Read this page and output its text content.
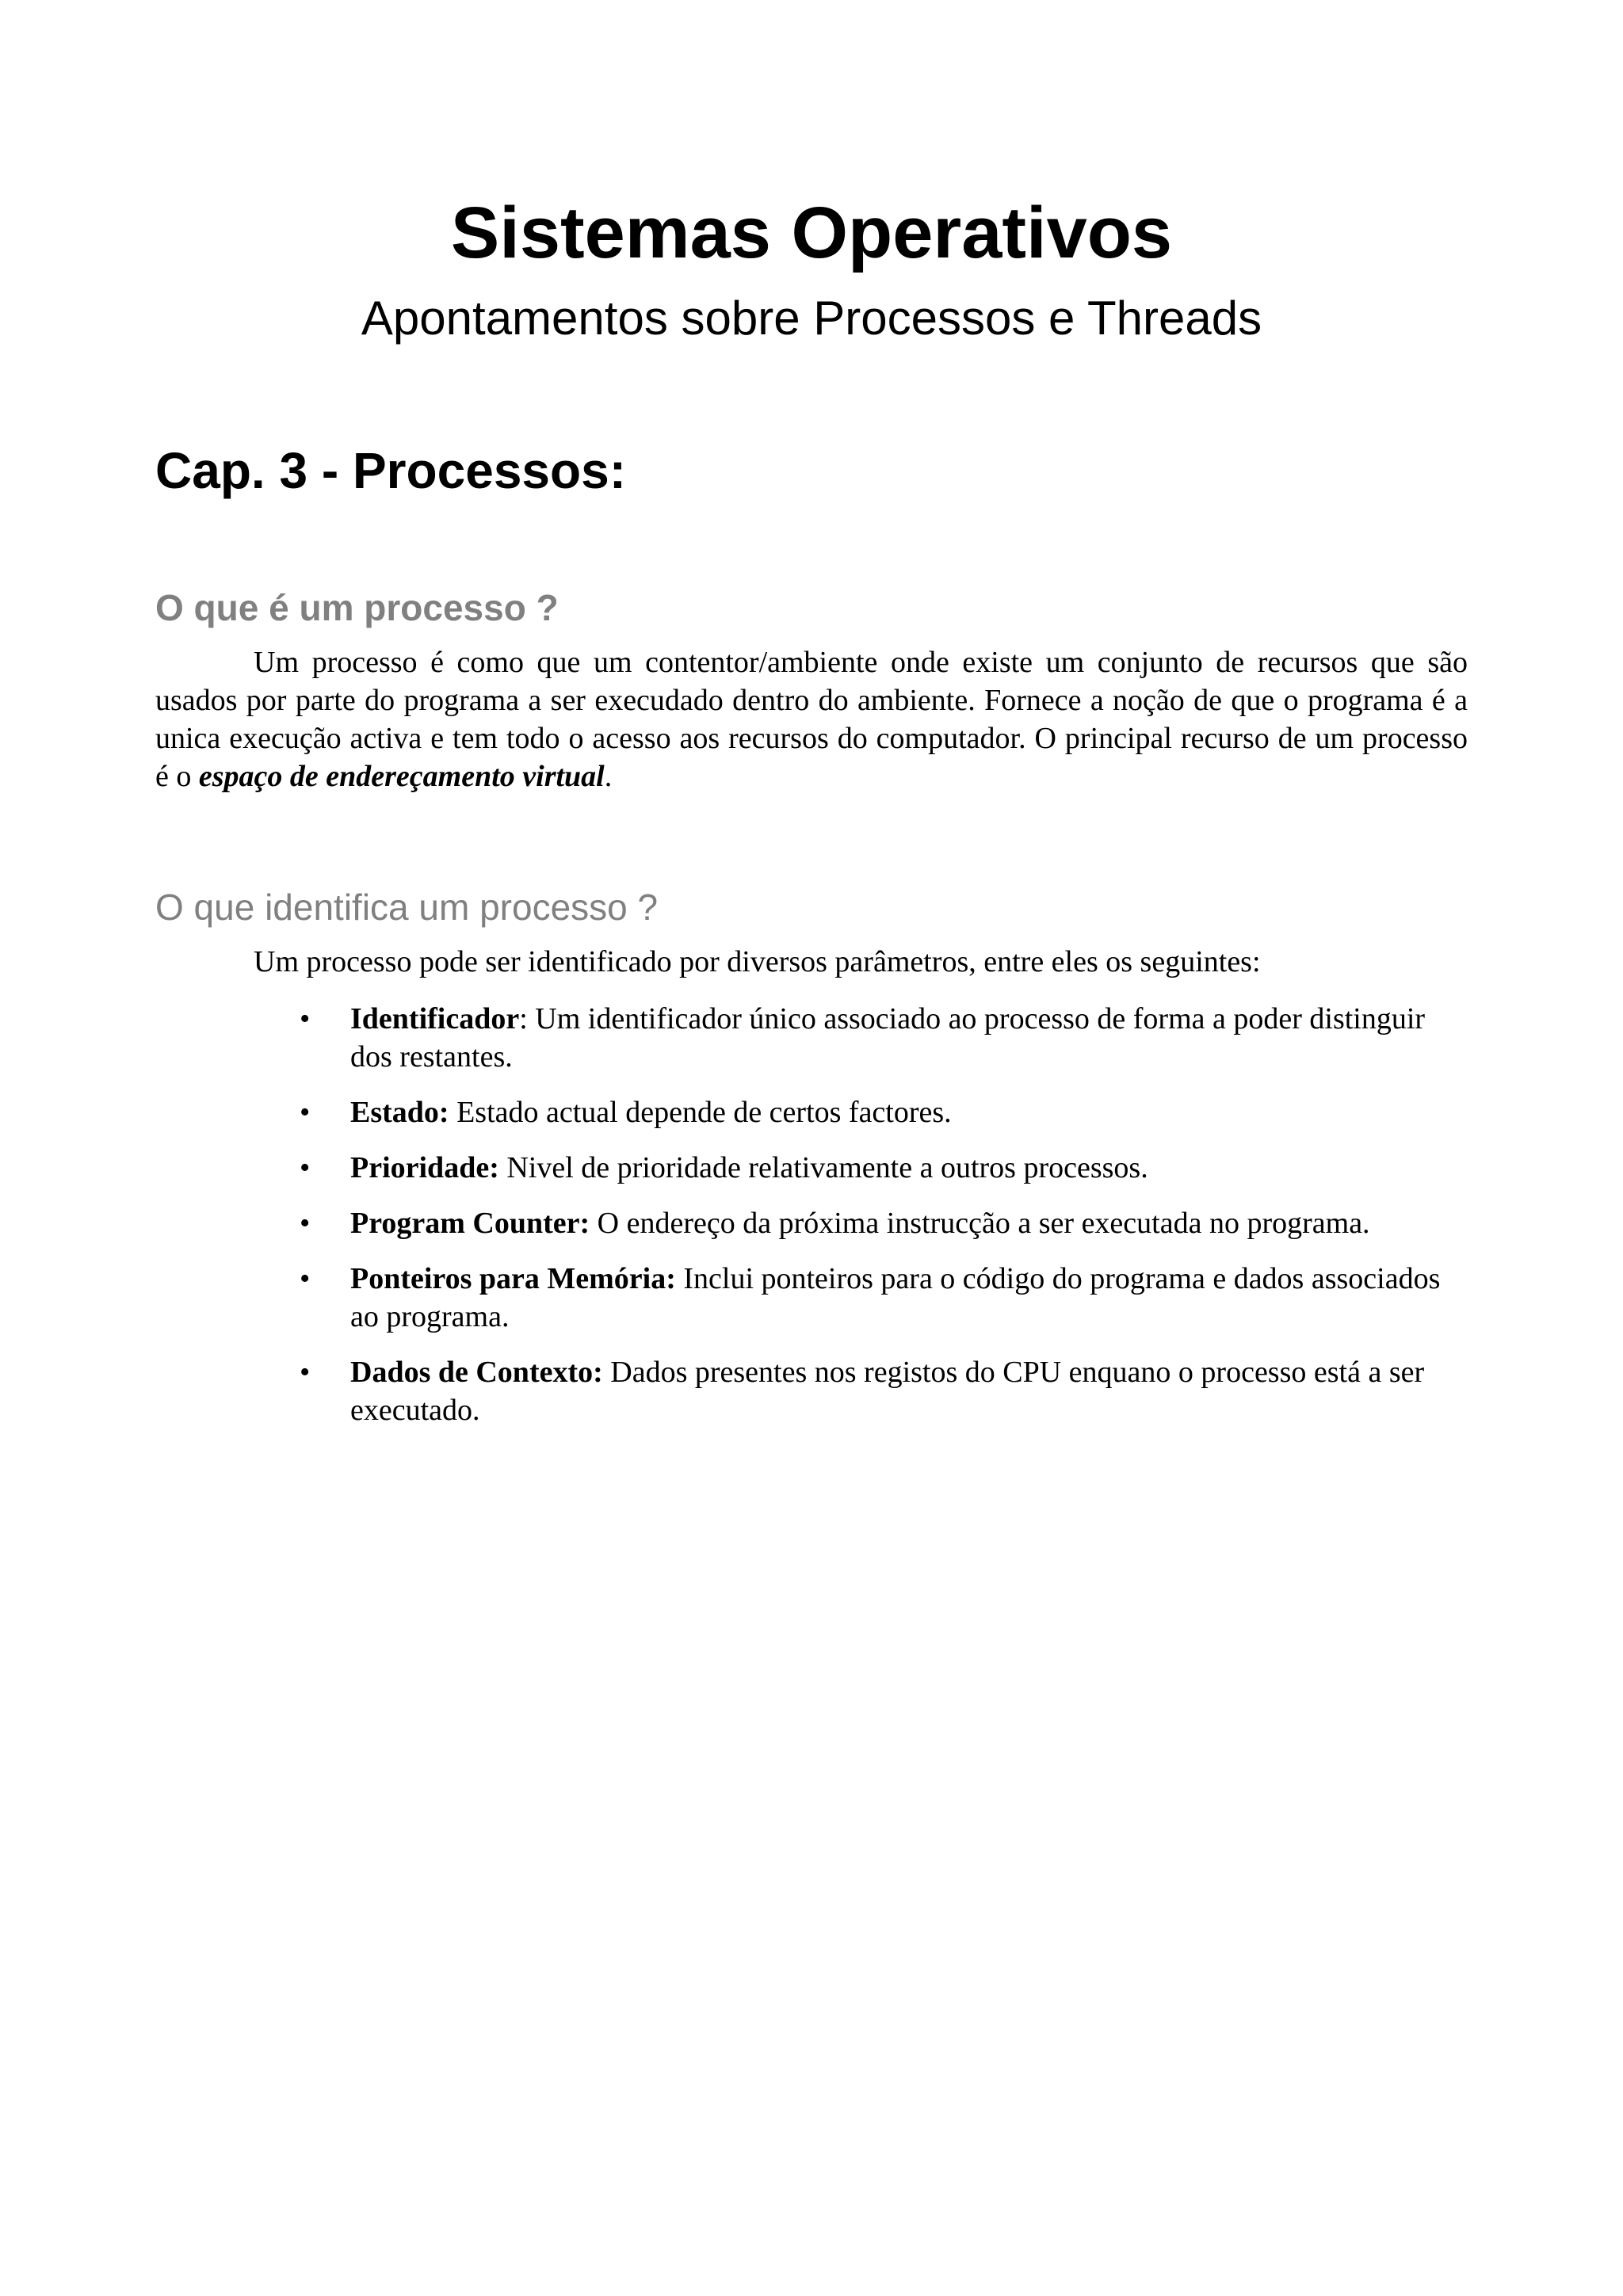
Sistemas Operativos
Apontamentos sobre Processos e Threads
Cap. 3 - Processos:
O que é um processo ?

Um processo é como que um contentor/ambiente onde existe um conjunto de recursos que são usados por parte do programa a ser execudado dentro do ambiente. Fornece a noção de que o programa é a unica execução activa e tem todo o acesso aos recursos do computador. O principal recurso de um processo é o espaço de endereçamento virtual.

O que identifica um processo ?

Um processo pode ser identificado por diversos parâmetros, entre eles os seguintes:

• Identificador: Um identificador único associado ao processo de forma a poder distinguir dos restantes.
• Estado: Estado actual depende de certos factores.
• Prioridade: Nivel de prioridade relativamente a outros processos.
• Program Counter: O endereço da próxima instrucção a ser executada no programa.
• Ponteiros para Memória: Inclui ponteiros para o código do programa e dados associados ao programa.
• Dados de Contexto: Dados presentes nos registos do CPU enquano o processo está a ser executado.
